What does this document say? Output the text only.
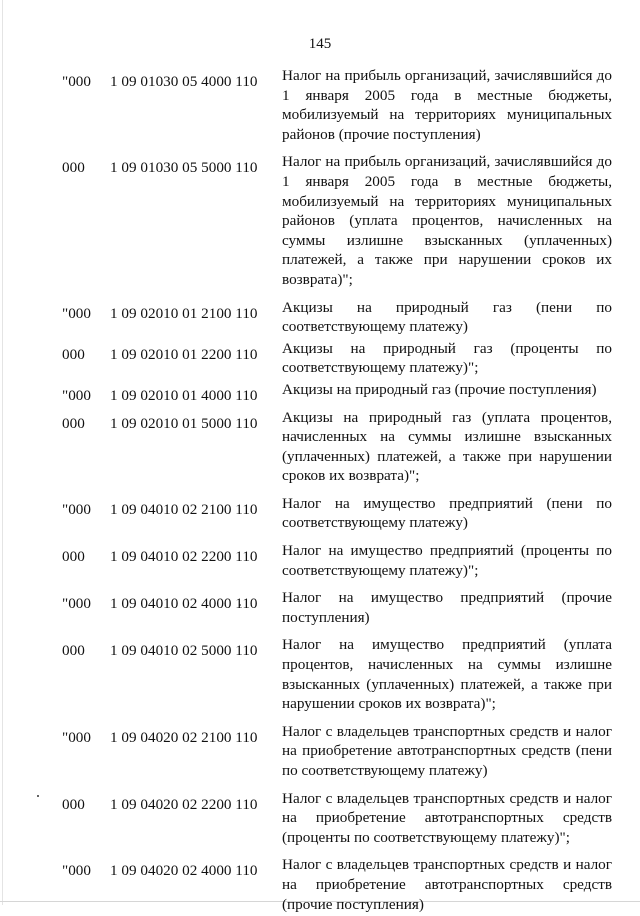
145
"000	1 09 01030 05 4000 110	Налог на прибыль организаций, зачислявшийся до 1 января 2005 года в местные бюджеты, мобилизуемый на территориях муниципальных районов (прочие поступления)
000	1 09 01030 05 5000 110	Налог на прибыль организаций, зачислявшийся до 1 января 2005 года в местные бюджеты, мобилизуемый на территориях муниципальных районов (уплата процентов, начисленных на суммы излишне взысканных (уплаченных) платежей, а также при нарушении сроков их возврата)";
"000	1 09 02010 01 2100 110	Акцизы на природный газ (пени по соответствующему платежу)
000	1 09 02010 01 2200 110	Акцизы на природный газ (проценты по соответствующему платежу)";
"000	1 09 02010 01 4000 110	Акцизы на природный газ (прочие поступления)
000	1 09 02010 01 5000 110	Акцизы на природный газ (уплата процентов, начисленных на суммы излишне взысканных (уплаченных) платежей, а также при нарушении сроков их возврата)";
"000	1 09 04010 02 2100 110	Налог на имущество предприятий (пени по соответствующему платежу)
000	1 09 04010 02 2200 110	Налог на имущество предприятий (проценты по соответствующему платежу)";
"000	1 09 04010 02 4000 110	Налог на имущество предприятий (прочие поступления)
000	1 09 04010 02 5000 110	Налог на имущество предприятий (уплата процентов, начисленных на суммы излишне взысканных (уплаченных) платежей, а также при нарушении сроков их возврата)";
"000	1 09 04020 02 2100 110	Налог с владельцев транспортных средств и налог на приобретение автотранспортных средств (пени по соответствующему платежу)
000	1 09 04020 02 2200 110	Налог с владельцев транспортных средств и налог на приобретение автотранспортных средств (проценты по соответствующему платежу)";
"000	1 09 04020 02 4000 110	Налог с владельцев транспортных средств и налог на приобретение автотранспортных средств (прочие поступления)
